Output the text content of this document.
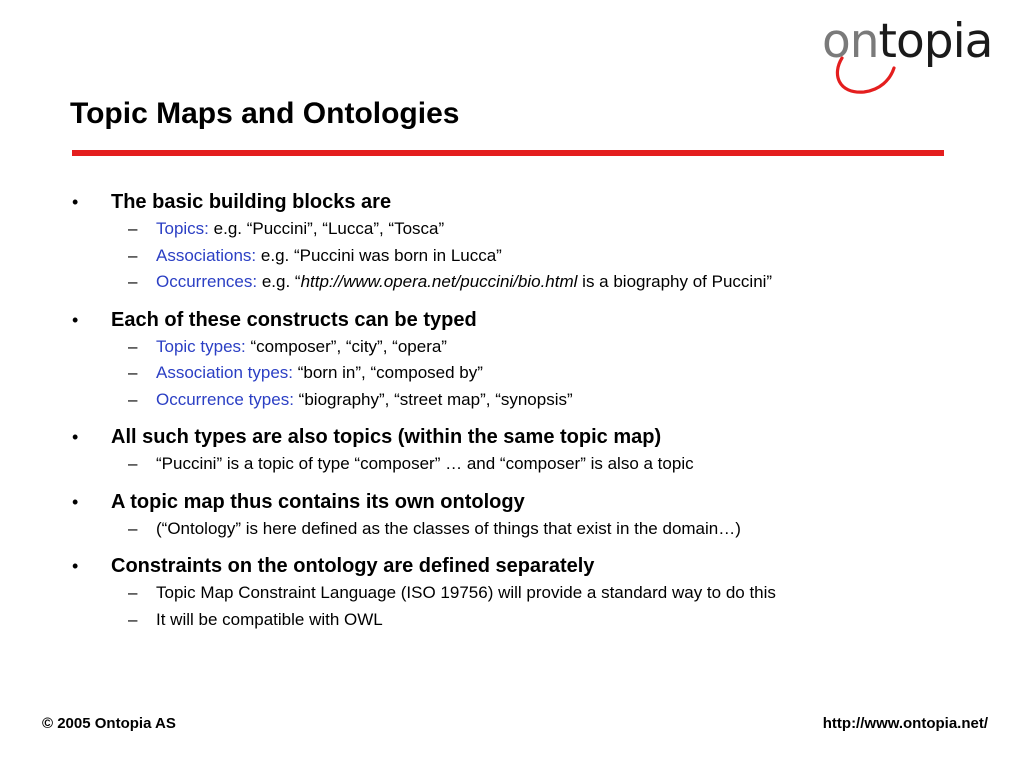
ontopia
Topic Maps and Ontologies
• The basic building blocks are
– Topics: e.g. “Puccini”, “Lucca”, “Tosca”
– Associations: e.g. “Puccini was born in Lucca”
– Occurrences: e.g. “http://www.opera.net/puccini/bio.html is a biography of Puccini”
• Each of these constructs can be typed
– Topic types: “composer”, “city”, “opera”
– Association types: “born in”, “composed by”
– Occurrence types: “biography”, “street map”, “synopsis”
• All such types are also topics (within the same topic map)
– “Puccini” is a topic of type “composer” … and “composer” is also a topic
• A topic map thus contains its own ontology
– (“Ontology” is here defined as the classes of things that exist in the domain…)
• Constraints on the ontology are defined separately
– Topic Map Constraint Language (ISO 19756) will provide a standard way to do this
– It will be compatible with OWL
© 2005 Ontopia AS	http://www.ontopia.net/
